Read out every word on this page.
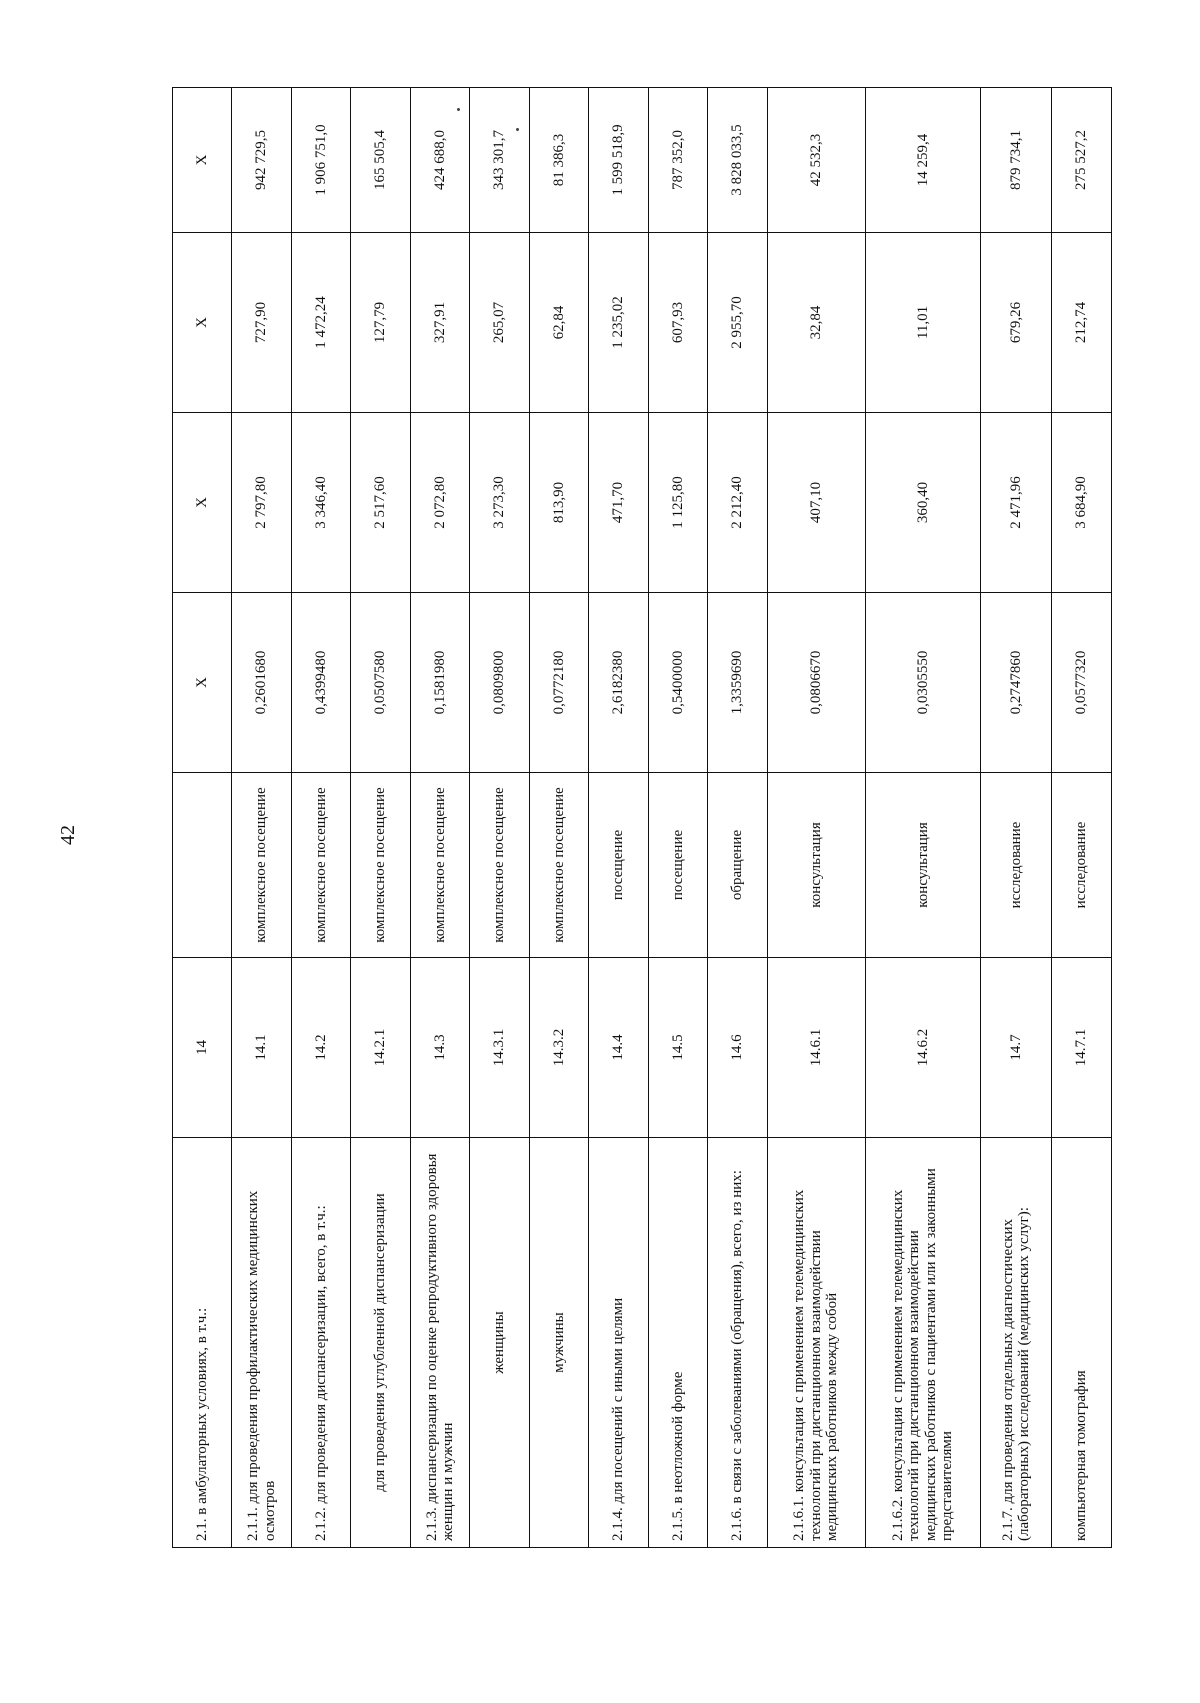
42
2.1. в амбулаторных условиях, в т.ч.:	14		X	X	X	X
2.1.1. для проведения профилактических медицинских осмотров	14.1	комплексное посещение	0,2601680	2 797,80	727,90	942 729,5
2.1.2. для проведения диспансеризации, всего, в т.ч.:	14.2	комплексное посещение	0,4399480	3 346,40	1 472,24	1 906 751,0
для проведения углубленной диспансеризации	14.2.1	комплексное посещение	0,0507580	2 517,60	127,79	165 505,4
2.1.3. диспансеризация по оценке репродуктивного здоровья женщин и мужчин	14.3	комплексное посещение	0,1581980	2 072,80	327,91	424 688,0
женщины	14.3.1	комплексное посещение	0,0809800	3 273,30	265,07	343 301,7
мужчины	14.3.2	комплексное посещение	0,0772180	813,90	62,84	81 386,3
2.1.4. для посещений с иными целями	14.4	посещение	2,6182380	471,70	1 235,02	1 599 518,9
2.1.5. в неотложной форме	14.5	посещение	0,5400000	1 125,80	607,93	787 352,0
2.1.6. в связи с заболеваниями (обращения), всего, из них:	14.6	обращение	1,3359690	2 212,40	2 955,70	3 828 033,5
2.1.6.1. консультация с применением телемедицинских технологий при дистанционном взаимодействии медицинских работников между собой	14.6.1	консультация	0,0806670	407,10	32,84	42 532,3
2.1.6.2. консультация с применением телемедицинских технологий при дистанционном взаимодействии медицинских работников с пациентами или их законными представителями	14.6.2	консультация	0,0305550	360,40	11,01	14 259,4
2.1.7. для проведения отдельных диагностических (лабораторных) исследований (медицинских услуг):	14.7	исследование	0,2747860	2 471,96	679,26	879 734,1
компьютерная томография	14.7.1	исследование	0,0577320	3 684,90	212,74	275 527,2
